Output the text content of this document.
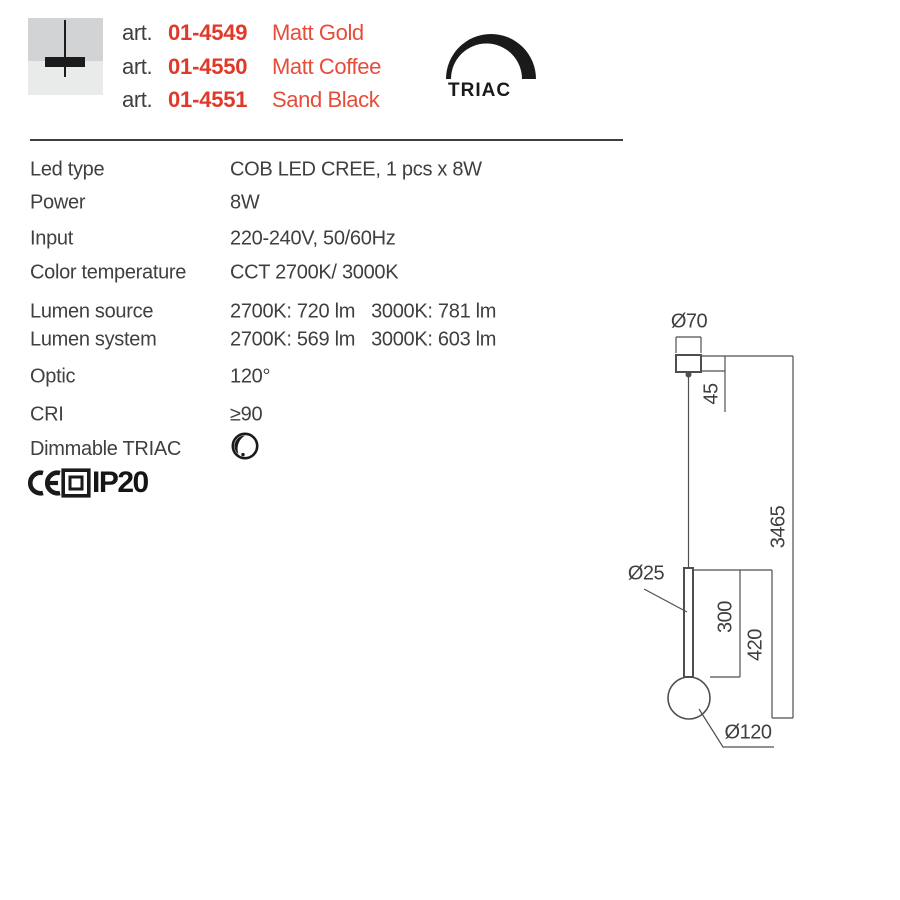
art. 01-4549	Matt Gold
art. 01-4550	Matt Coffee
art. 01-4551	Sand Black	TRIAC
Led type	COB LED CREE, 1 pcs x 8W
Power	8W
Input	220-240V, 50/60Hz
Color temperature	CCT 2700K/ 3000K
Lumen source	2700K: 720 lm 3000K: 781 lm
Lumen system	2700K: 569 lm 3000K: 603 lm
Optic	120°
CRI	≥90
Dimmable TRIAC
IP20
Ø70
45
3465
Ø25
300
420
Ø120
